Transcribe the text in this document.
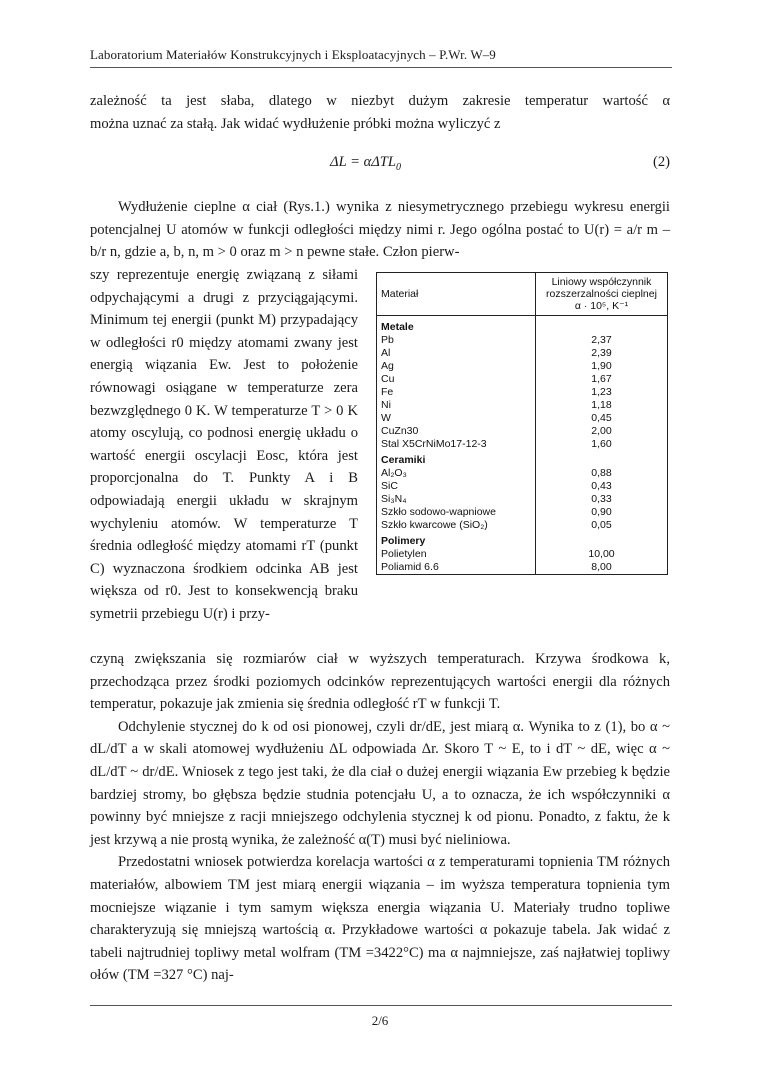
Laboratorium Materiałów Konstrukcyjnych i Eksploatacyjnych – P.Wr. W–9

zależność ta jest słaba, dlatego w niezbyt dużym zakresie temperatur wartość α

można uznać za stałą. Jak widać wydłużenie próbki można wyliczyć z

ΔL = αΔTL$_0$	(2)

Wydłużenie cieplne α ciał (Rys.1.) wynika z niesymetrycznego przebiegu wykresu energii potencjalnej U atomów w funkcji odległości między nimi r. Jego ogólna postać to U(r) = a/r m – b/r n, gdzie a, b, n, m > 0 oraz m > n pewne stałe. Człon pierw-

szy reprezentuje energię związaną z siłami odpychającymi a drugi z przyciągającymi. Minimum tej energii (punkt M) przypadający w odległości r0 między atomami zwany jest energią wiązania Ew. Jest to położenie równowagi osiągane w temperaturze zera bezwzględnego 0 K. W temperaturze T > 0 K atomy oscylują, co podnosi energię układu o wartość energii oscylacji Eosc, która jest proporcjonalna do T. Punkty A i B odpowiadają energii układu w skrajnym wychyleniu atomów. W temperaturze T średnia odległość między atomami rT (punkt C) wyznaczona środkiem odcinka AB jest większa od r0. Jest to konsekwencją braku symetrii przebiegu U(r) i przy-

Materiał	Liniowy współczynnik
rozszerzalności cieplnej
α · 10⁵, K⁻¹

Metale	
Pb	2,37
Al	2,39
Ag	1,90
Cu	1,67
Fe	1,23
Ni	1,18
W	0,45
CuZn30	2,00
Stal X5CrNiMo17-12-3	1,60
Ceramiki	
Al₂O₃	0,88
SiC	0,43
Si₃N₄	0,33
Szkło sodowo-wapniowe	0,90
Szkło kwarcowe (SiO₂)	0,05
Polimery	
Polietylen	10,00
Poliamid 6.6	8,00

czyną zwiększania się rozmiarów ciał w wyższych temperaturach. Krzywa środkowa k, przechodząca przez środki poziomych odcinków reprezentujących wartości energii dla różnych temperatur, pokazuje jak zmienia się średnia odległość rT w funkcji T.

Odchylenie stycznej do k od osi pionowej, czyli dr/dE, jest miarą α. Wynika to z (1), bo α ~ dL/dT a w skali atomowej wydłużeniu ΔL odpowiada Δr. Skoro T ~ E, to i dT ~ dE, więc α ~ dL/dT ~ dr/dE. Wniosek z tego jest taki, że dla ciał o dużej energii wiązania Ew przebieg k będzie bardziej stromy, bo głębsza będzie studnia potencjału U, a to oznacza, że ich współczynniki α powinny być mniejsze z racji mniejszego odchylenia stycznej k od pionu. Ponadto, z faktu, że k jest krzywą a nie prostą wynika, że zależność α(T) musi być nieliniowa.

Przedostatni wniosek potwierdza korelacja wartości α z temperaturami topnienia TM różnych materiałów, albowiem TM jest miarą energii wiązania – im wyższa temperatura topnienia tym mocniejsze wiązanie i tym samym większa energia wiązania U. Materiały trudno topliwe charakteryzują się mniejszą wartością α. Przykładowe wartości α pokazuje tabela. Jak widać z tabeli najtrudniej topliwy metal wolfram (TM =3422°C) ma α najmniejsze, zaś najłatwiej topliwy ołów (TM =327 °C) naj-

2/6
